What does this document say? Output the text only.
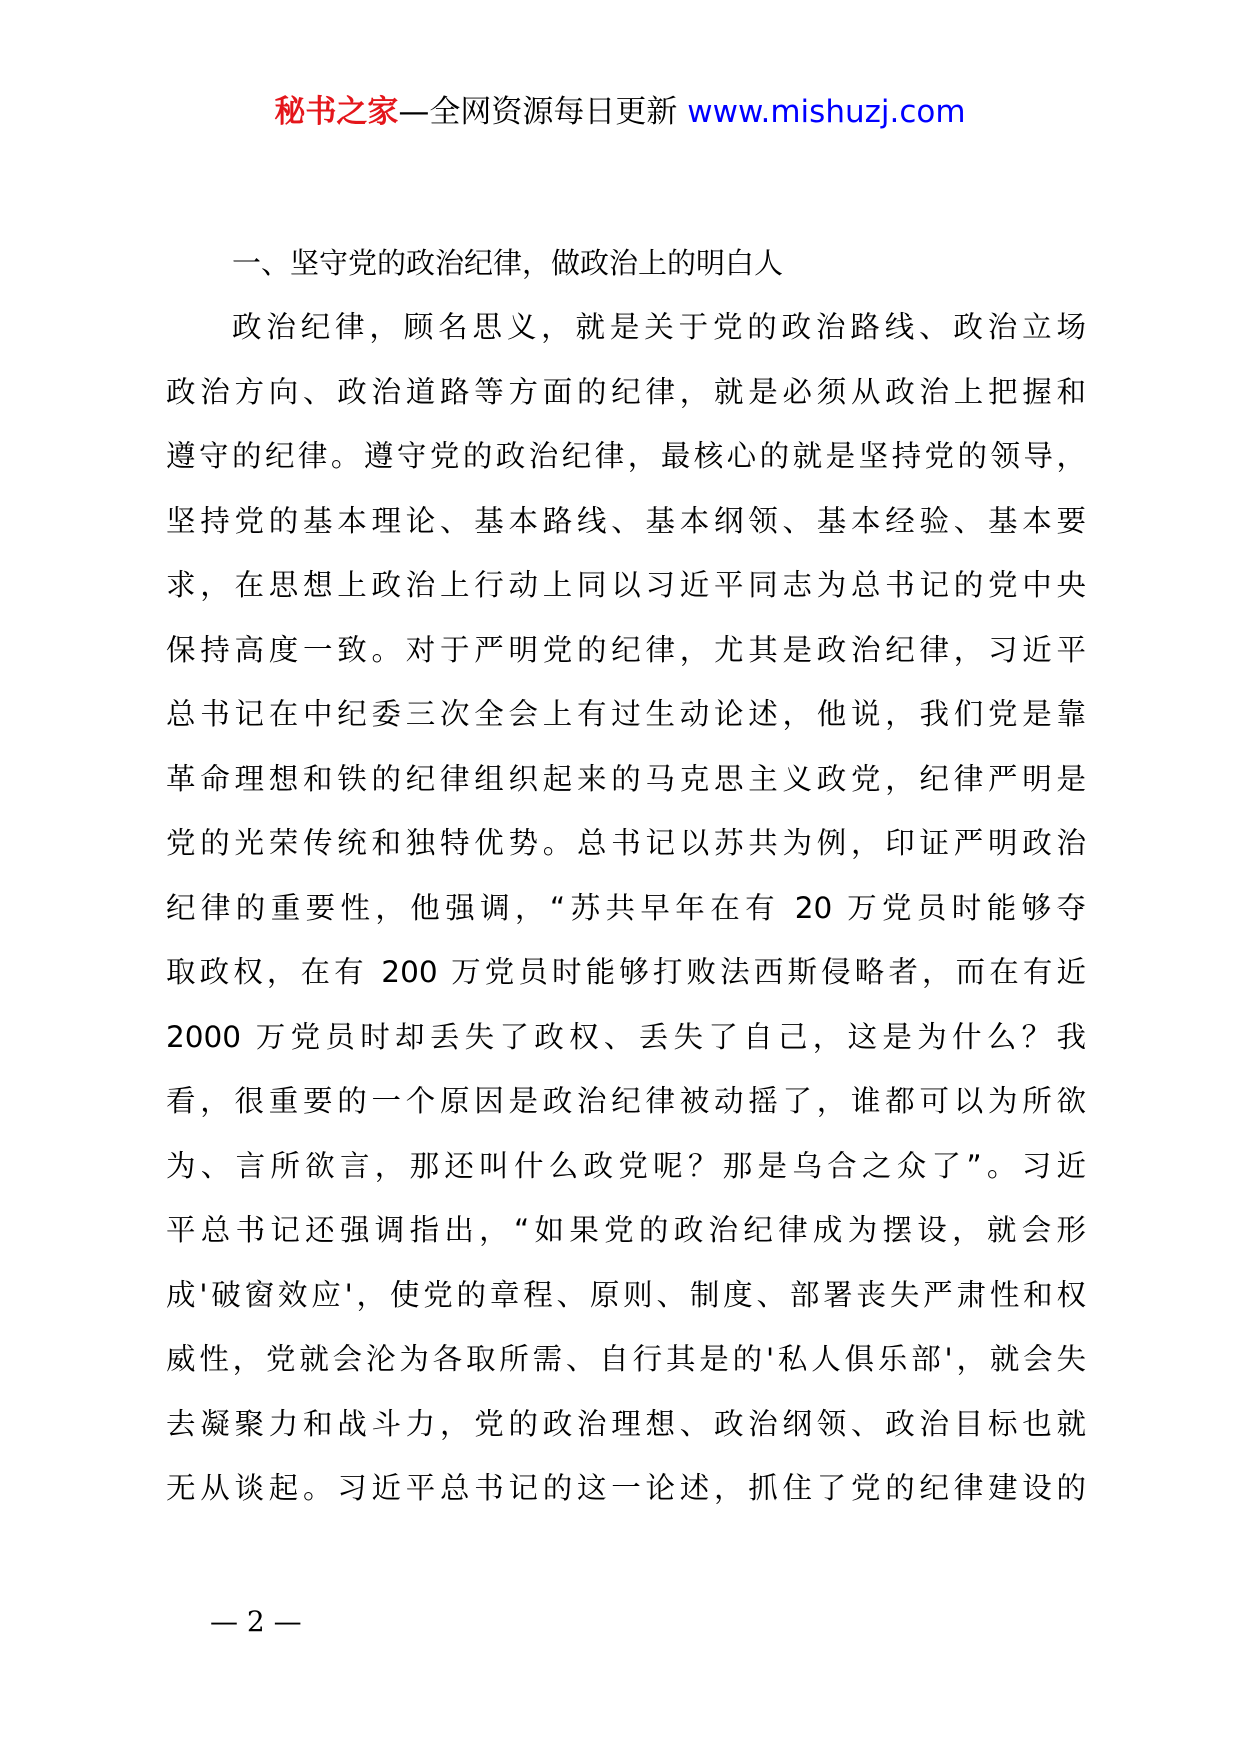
秘书之家—全网资源每日更新 www.mishuzj.com
一、坚守党的政治纪律，做政治上的明白人
政治纪律，顾名思义，就是关于党的政治路线、政治立场
政治方向、政治道路等方面的纪律，就是必须从政治上把握和
遵守的纪律。遵守党的政治纪律，最核心的就是坚持党的领导，
坚持党的基本理论、基本路线、基本纲领、基本经验、基本要
求，在思想上政治上行动上同以习近平同志为总书记的党中央
保持高度一致。对于严明党的纪律，尤其是政治纪律，习近平
总书记在中纪委三次全会上有过生动论述，他说，我们党是靠
革命理想和铁的纪律组织起来的马克思主义政党，纪律严明是
党的光荣传统和独特优势。总书记以苏共为例，印证严明政治
纪律的重要性，他强调，“苏共早年在有 20 万党员时能够夺
取政权，在有 200 万党员时能够打败法西斯侵略者，而在有近
2000 万党员时却丢失了政权、丢失了自己，这是为什么？我
看，很重要的一个原因是政治纪律被动摇了，谁都可以为所欲
为、言所欲言，那还叫什么政党呢？那是乌合之众了”。习近
平总书记还强调指出，“如果党的政治纪律成为摆设，就会形
成'破窗效应'，使党的章程、原则、制度、部署丧失严肃性和权
威性，党就会沦为各取所需、自行其是的'私人俱乐部'，就会失
去凝聚力和战斗力，党的政治理想、政治纲领、政治目标也就
无从谈起。习近平总书记的这一论述，抓住了党的纪律建设的
— 2 —
